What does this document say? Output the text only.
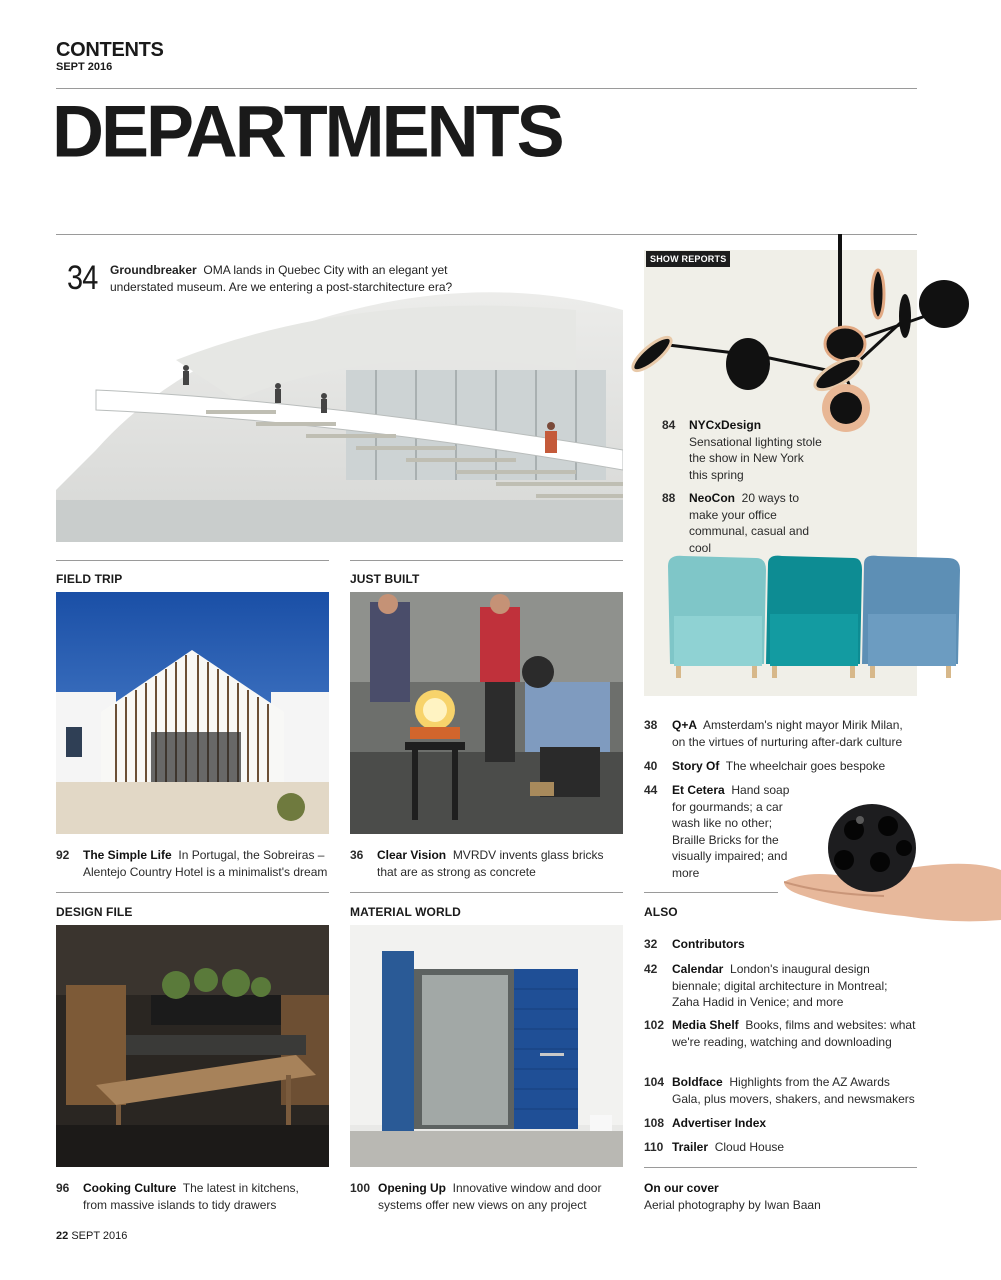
CONTENTS
SEPT 2016
DEPARTMENTS
34 Groundbreaker OMA lands in Quebec City with an elegant yet understated museum. Are we entering a post-starchitecture era?
SHOW REPORTS
84	NYCxDesign
Sensational lighting stole the show in New York this spring
88	NeoCon 20 ways to make your office communal, casual and cool
FIELD TRIP	JUST BUILT
92	The Simple Life In Portugal, the Sobreiras – Alentejo Country Hotel is a minimalist's dream
36	Clear Vision MVRDV invents glass bricks that are as strong as concrete
38	Q+A Amsterdam's night mayor Mirik Milan, on the virtues of nurturing after-dark culture
40	Story Of The wheelchair goes bespoke
44	Et Cetera Hand soap for gourmands; a car wash like no other; Braille Bricks for the visually impaired; and more
DESIGN FILE	MATERIAL WORLD	ALSO
96	Cooking Culture The latest in kitchens, from massive islands to tidy drawers
100 Opening Up Innovative window and door systems offer new views on any project
32	Contributors
42	Calendar London's inaugural design biennale; digital architecture in Montreal; Zaha Hadid in Venice; and more
102 Media Shelf Books, films and websites: what we're reading, watching and downloading
104 Boldface Highlights from the AZ Awards Gala, plus movers, shakers, and newsmakers
108 Advertiser Index
110 Trailer Cloud House
On our cover
Aerial photography by Iwan Baan
22 SEPT 2016
